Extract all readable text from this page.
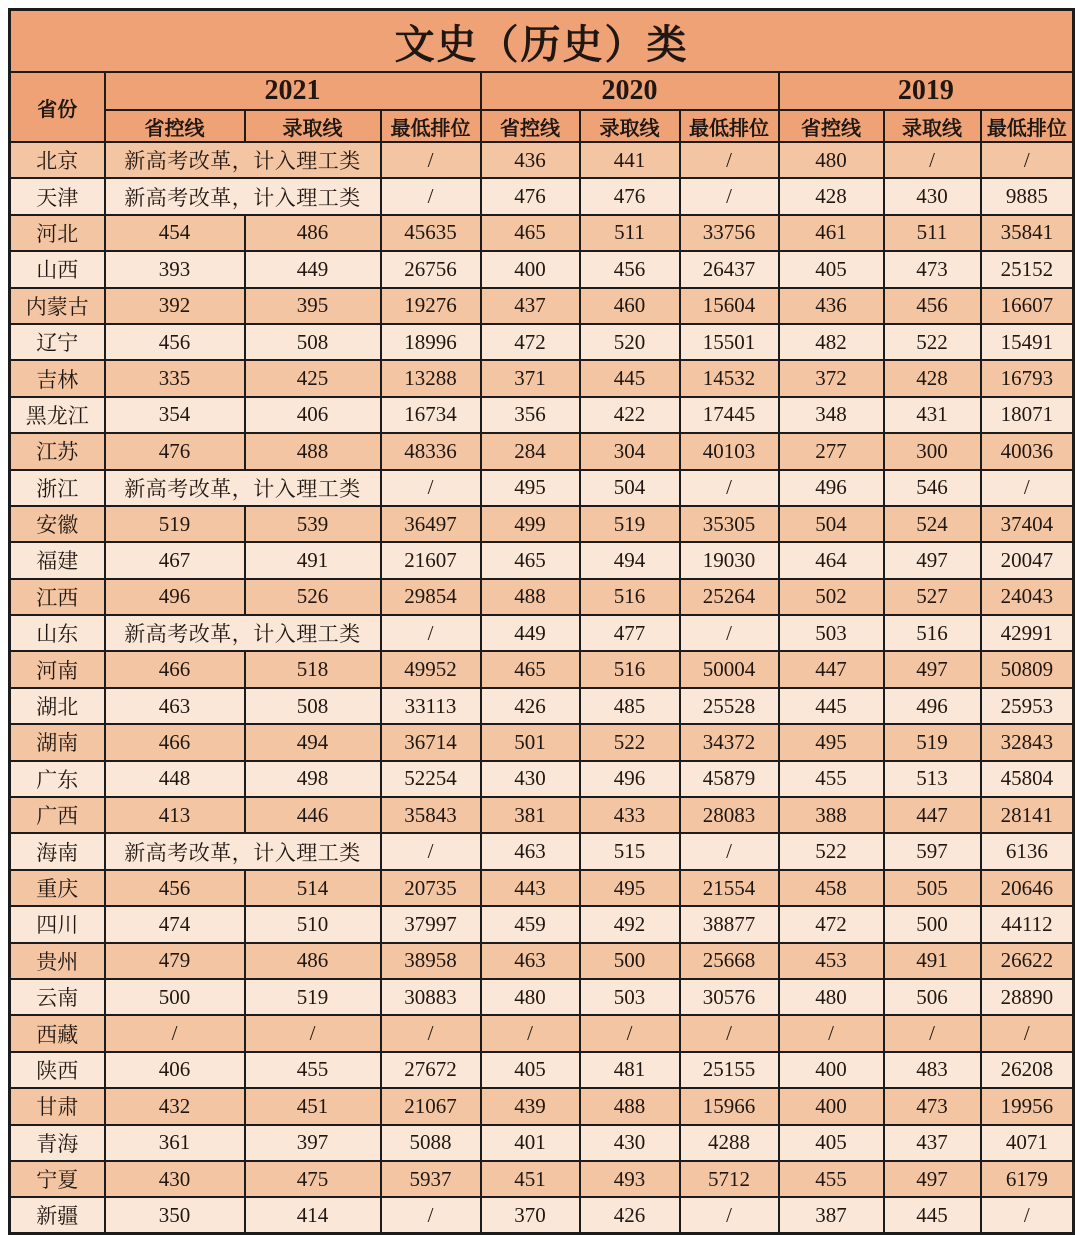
文史（历史）类									
省份	2021			2020			2019		
	省控线	录取线	最低排位	省控线	录取线	最低排位	省控线	录取线	最低排位
北京	新高考改革，计入理工类		/	436	441	/	480	/	/
天津	新高考改革，计入理工类		/	476	476	/	428	430	9885
河北	454	486	45635	465	511	33756	461	511	35841
山西	393	449	26756	400	456	26437	405	473	25152
内蒙古	392	395	19276	437	460	15604	436	456	16607
辽宁	456	508	18996	472	520	15501	482	522	15491
吉林	335	425	13288	371	445	14532	372	428	16793
黑龙江	354	406	16734	356	422	17445	348	431	18071
江苏	476	488	48336	284	304	40103	277	300	40036
浙江	新高考改革，计入理工类		/	495	504	/	496	546	/
安徽	519	539	36497	499	519	35305	504	524	37404
福建	467	491	21607	465	494	19030	464	497	20047
江西	496	526	29854	488	516	25264	502	527	24043
山东	新高考改革，计入理工类		/	449	477	/	503	516	42991
河南	466	518	49952	465	516	50004	447	497	50809
湖北	463	508	33113	426	485	25528	445	496	25953
湖南	466	494	36714	501	522	34372	495	519	32843
广东	448	498	52254	430	496	45879	455	513	45804
广西	413	446	35843	381	433	28083	388	447	28141
海南	新高考改革，计入理工类		/	463	515	/	522	597	6136
重庆	456	514	20735	443	495	21554	458	505	20646
四川	474	510	37997	459	492	38877	472	500	44112
贵州	479	486	38958	463	500	25668	453	491	26622
云南	500	519	30883	480	503	30576	480	506	28890
西藏	/	/	/	/	/	/	/	/	/
陕西	406	455	27672	405	481	25155	400	483	26208
甘肃	432	451	21067	439	488	15966	400	473	19956
青海	361	397	5088	401	430	4288	405	437	4071
宁夏	430	475	5937	451	493	5712	455	497	6179
新疆	350	414	/	370	426	/	387	445	/
